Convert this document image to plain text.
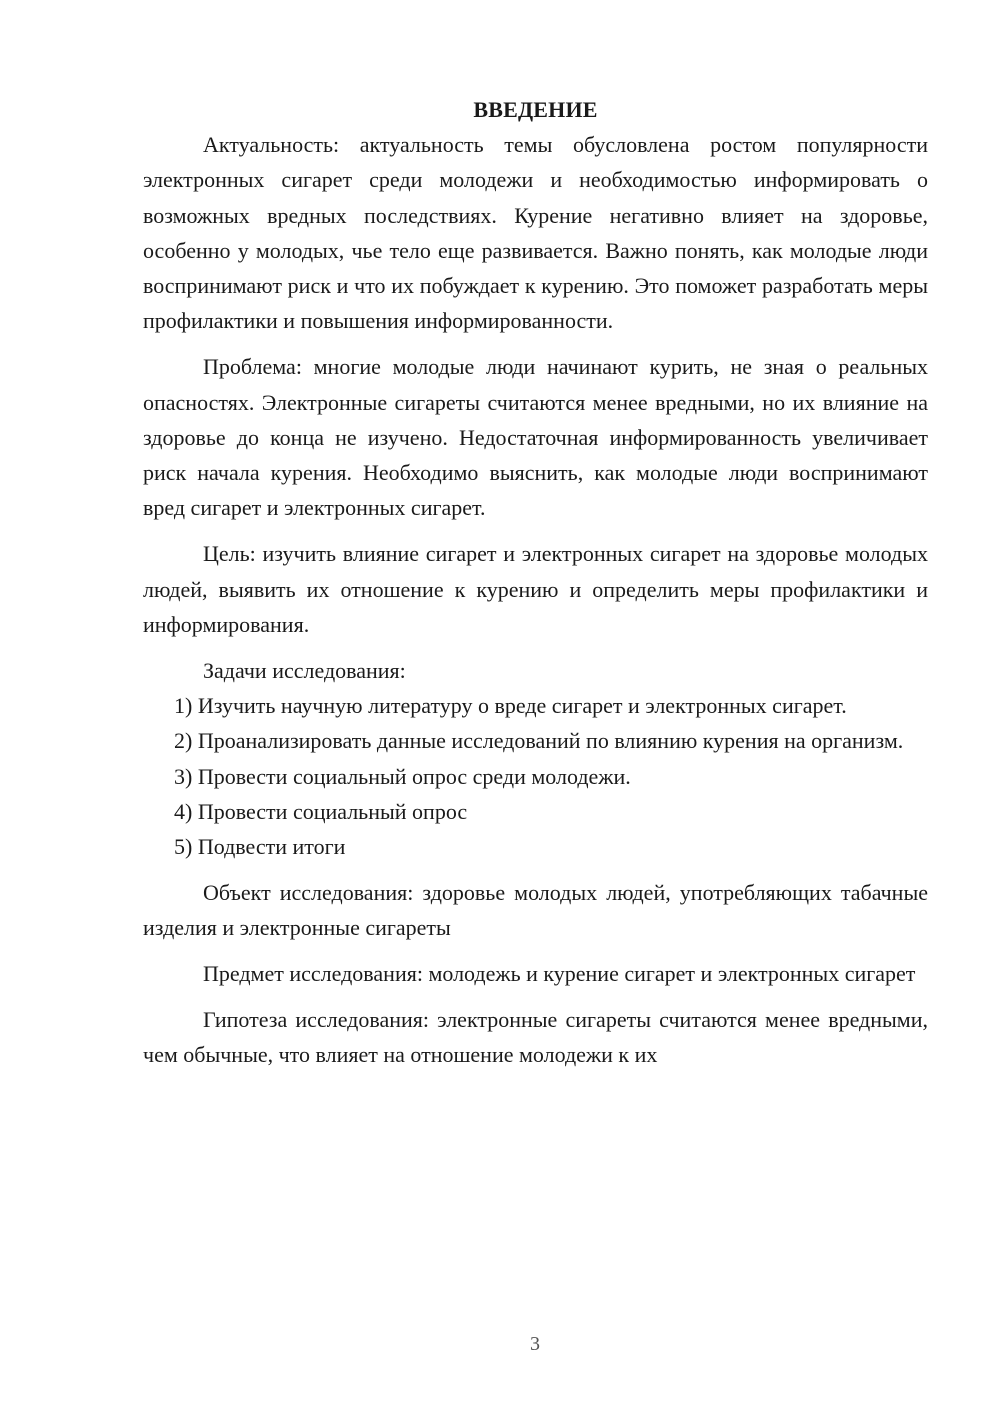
ВВЕДЕНИЕ

Актуальность: актуальность темы обусловлена ростом популярности электронных сигарет среди молодежи и необходимостью информировать о возможных вредных последствиях. Курение негативно влияет на здоровье, особенно у молодых, чье тело еще развивается. Важно понять, как молодые люди воспринимают риск и что их побуждает к курению. Это поможет разработать меры профилактики и повышения информированности.

Проблема: многие молодые люди начинают курить, не зная о реальных опасностях. Электронные сигареты считаются менее вредными, но их влияние на здоровье до конца не изучено. Недостаточная информированность увеличивает риск начала курения. Необходимо выяснить, как молодые люди воспринимают вред сигарет и электронных сигарет.

Цель: изучить влияние сигарет и электронных сигарет на здоровье молодых людей, выявить их отношение к курению и определить меры профилактики и информирования.

Задачи исследования:

1) Изучить научную литературу о вреде сигарет и электронных сигарет.

2) Проанализировать данные исследований по влиянию курения на организм.

3) Провести социальный опрос среди молодежи.

4) Провести социальный опрос

5) Подвести итоги

Объект исследования: здоровье молодых людей, употребляющих табачные изделия и электронные сигареты

Предмет исследования: молодежь и курение сигарет и электронных сигарет

Гипотеза исследования: электронные сигареты считаются менее вредными, чем обычные, что влияет на отношение молодежи к их

3
